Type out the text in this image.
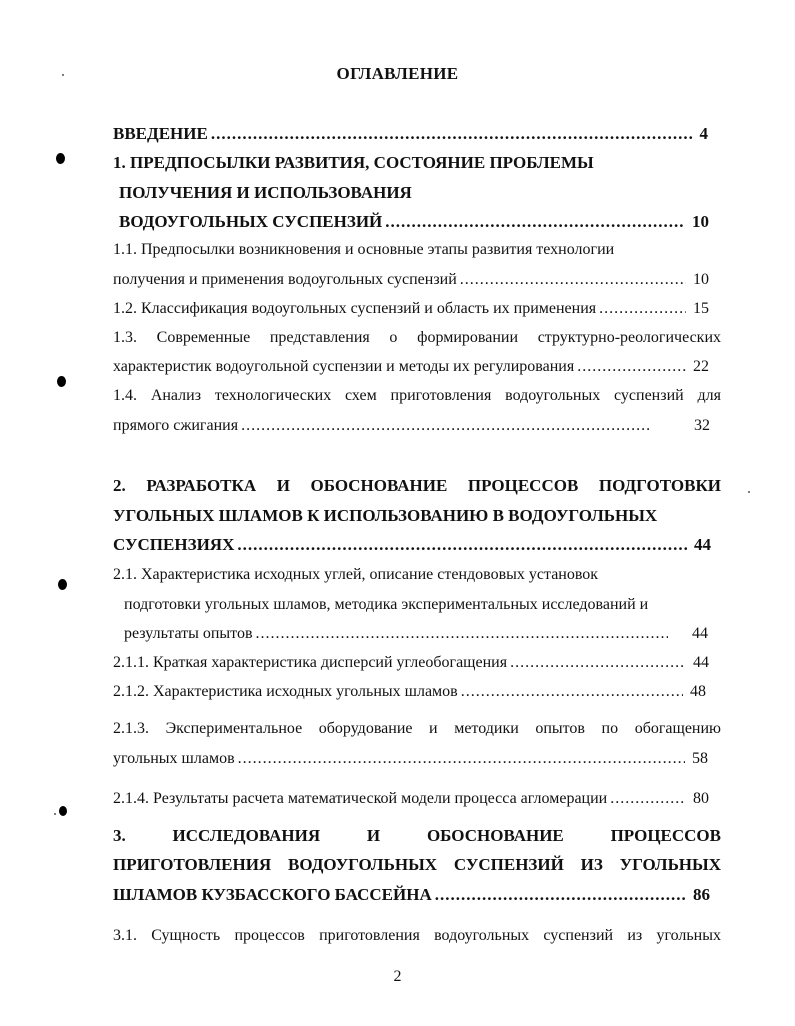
ОГЛАВЛЕНИЕ
ВВЕДЕНИЕ .....	4
1. ПРЕДПОСЫЛКИ РАЗВИТИЯ, СОСТОЯНИЕ ПРОБЛЕМЫ
ПОЛУЧЕНИЯ И ИСПОЛЬЗОВАНИЯ
ВОДОУГОЛЬНЫХ СУСПЕНЗИЙ .....	10
1.1. Предпосылки возникновения и основные этапы развития технологии
получения и применения водоугольных суспензий .....	10
1.2. Классификация водоугольных суспензий и область их применения .....	15
1.3. Современные представления о формировании структурно-реологических
характеристик водоугольной суспензии и методы их регулирования .....	22
1.4. Анализ технологических схем приготовления водоугольных суспензий для
прямого сжигания .....	32
2. РАЗРАБОТКА И ОБОСНОВАНИЕ ПРОЦЕССОВ ПОДГОТОВКИ
УГОЛЬНЫХ ШЛАМОВ К ИСПОЛЬЗОВАНИЮ В ВОДОУГОЛЬНЫХ
СУСПЕНЗИЯХ .....	44
2.1. Характеристика исходных углей, описание стендововых установок
подготовки угольных шламов, методика экспериментальных исследований и
результаты опытов .....	44
2.1.1. Краткая характеристика дисперсий углеобогащения .....	44
2.1.2. Характеристика исходных угольных шламов .....	48
2.1.3. Экспериментальное оборудование и методики опытов по обогащению
угольных шламов .....	58
2.1.4. Результаты расчета математической модели процесса агломерации .....	80
3. ИССЛЕДОВАНИЯ И ОБОСНОВАНИЕ ПРОЦЕССОВ
ПРИГОТОВЛЕНИЯ ВОДОУГОЛЬНЫХ СУСПЕНЗИЙ ИЗ УГОЛЬНЫХ
ШЛАМОВ КУЗБАССКОГО БАССЕЙНА .....	86
3.1. Сущность процессов приготовления водоугольных суспензий из угольных
2
